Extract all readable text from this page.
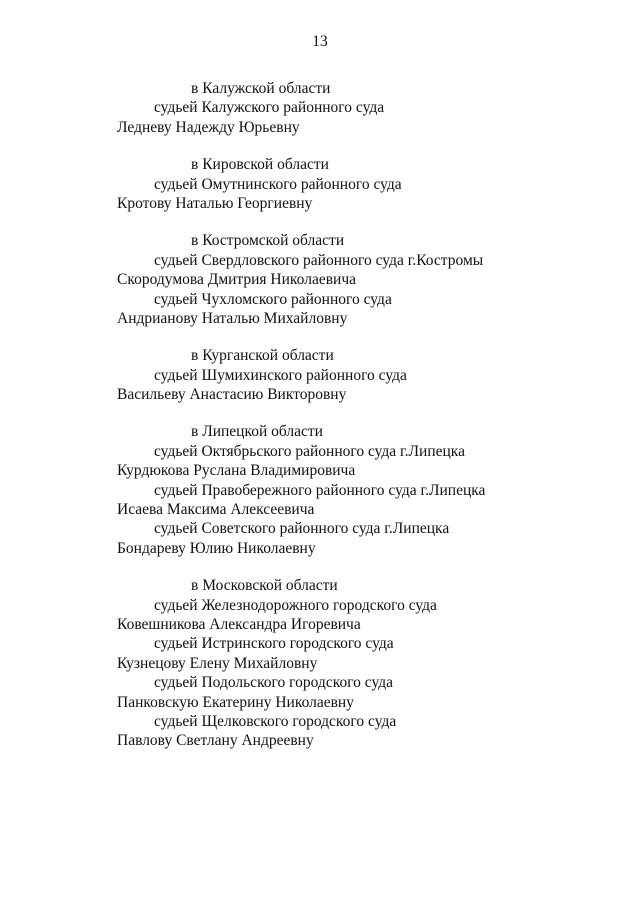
13
в Калужской области
судьей Калужского районного суда
Ледневу Надежду Юрьевну
в Кировской области
судьей Омутнинского районного суда
Кротову Наталью Георгиевну
в Костромской области
судьей Свердловского районного суда г.Костромы
Скородумова Дмитрия Николаевича
судьей Чухломского районного суда
Андрианову Наталью Михайловну
в Курганской области
судьей Шумихинского районного суда
Васильеву Анастасию Викторовну
в Липецкой области
судьей Октябрьского районного суда г.Липецка
Курдюкова Руслана Владимировича
судьей Правобережного районного суда г.Липецка
Исаева Максима Алексеевича
судьей Советского районного суда г.Липецка
Бондареву Юлию Николаевну
в Московской области
судьей Железнодорожного городского суда
Ковешникова Александра Игоревича
судьей Истринского городского суда
Кузнецову Елену Михайловну
судьей Подольского городского суда
Панковскую Екатерину Николаевну
судьей Щелковского городского суда
Павлову Светлану Андреевну
